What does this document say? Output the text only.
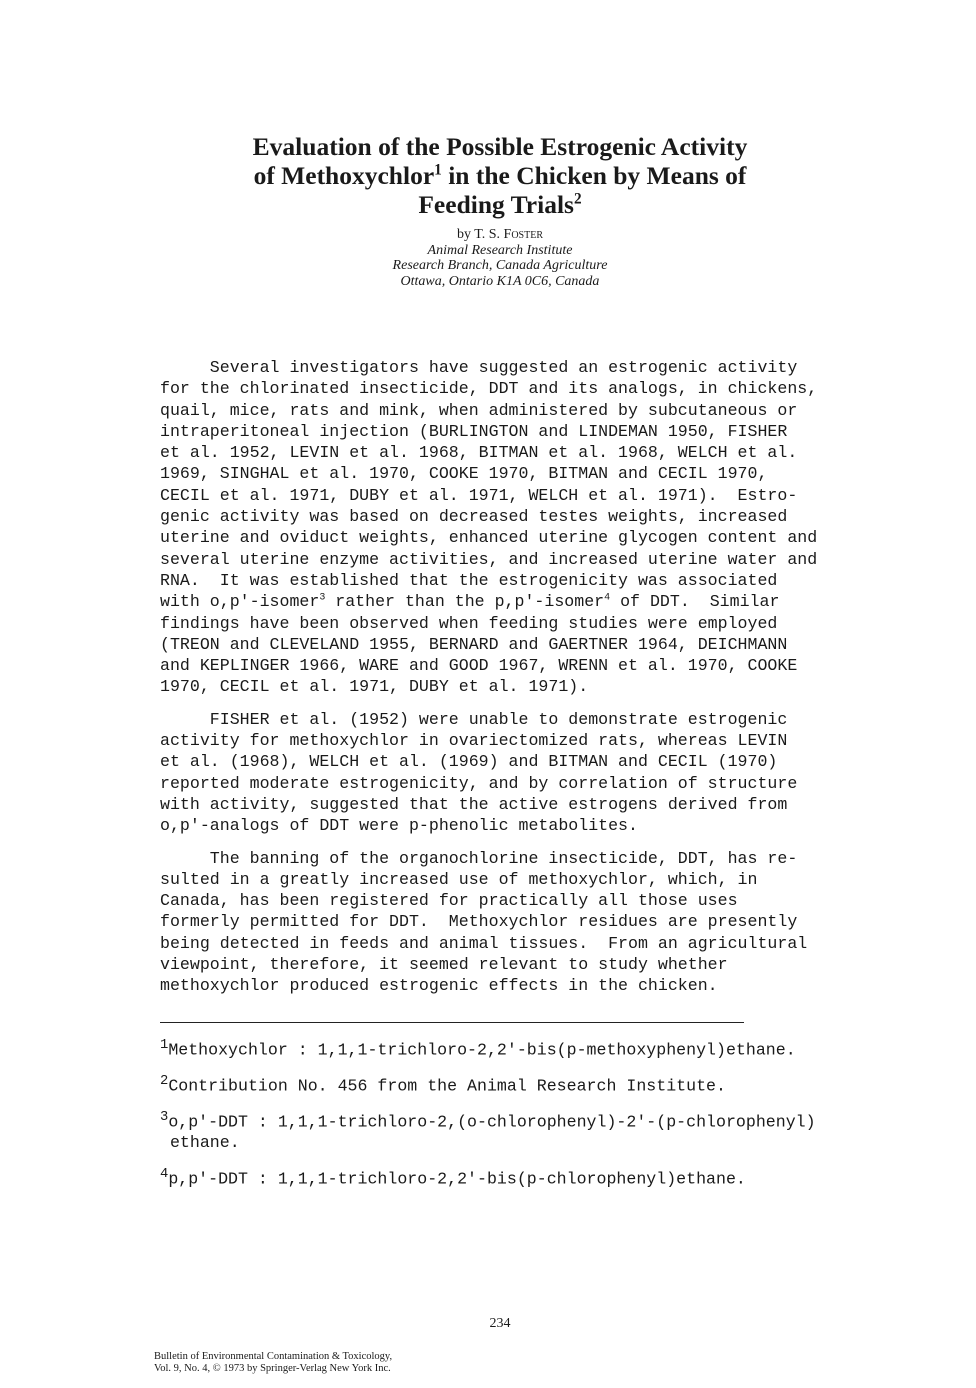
Evaluation of the Possible Estrogenic Activity
of Methoxychlor$^1$ in the Chicken by Means of
Feeding Trials$^2$
by T. S. Foster
Animal Research Institute
Research Branch, Canada Agriculture
Ottawa, Ontario K1A 0C6, Canada
Several investigators have suggested an estrogenic activity
for the chlorinated insecticide, DDT and its analogs, in chickens,
quail, mice, rats and mink, when administered by subcutaneous or
intraperitoneal injection (BURLINGTON and LINDEMAN 1950, FISHER
et al. 1952, LEVIN et al. 1968, BITMAN et al. 1968, WELCH et al.
1969, SINGHAL et al. 1970, COOKE 1970, BITMAN and CECIL 1970,
CECIL et al. 1971, DUBY et al. 1971, WELCH et al. 1971).  Estro-
genic activity was based on decreased testes weights, increased
uterine and oviduct weights, enhanced uterine glycogen content and
several uterine enzyme activities, and increased uterine water and
RNA.  It was established that the estrogenicity was associated
with o,p'-isomer$^3$ rather than the p,p'-isomer$^4$ of DDT.  Similar
findings have been observed when feeding studies were employed
(TREON and CLEVELAND 1955, BERNARD and GAERTNER 1964, DEICHMANN
and KEPLINGER 1966, WARE and GOOD 1967, WRENN et al. 1970, COOKE
1970, CECIL et al. 1971, DUBY et al. 1971).
FISHER et al. (1952) were unable to demonstrate estrogenic
activity for methoxychlor in ovariectomized rats, whereas LEVIN
et al. (1968), WELCH et al. (1969) and BITMAN and CECIL (1970)
reported moderate estrogenicity, and by correlation of structure
with activity, suggested that the active estrogens derived from
o,p'-analogs of DDT were p-phenolic metabolites.
The banning of the organochlorine insecticide, DDT, has re-
sulted in a greatly increased use of methoxychlor, which, in
Canada, has been registered for practically all those uses
formerly permitted for DDT.  Methoxychlor residues are presently
being detected in feeds and animal tissues.  From an agricultural
viewpoint, therefore, it seemed relevant to study whether
methoxychlor produced estrogenic effects in the chicken.
$^1$Methoxychlor : 1,1,1-trichloro-2,2'-bis(p-methoxyphenyl)ethane.
$^2$Contribution No. 456 from the Animal Research Institute.
$^3$o,p'-DDT : 1,1,1-trichloro-2,(o-chlorophenyl)-2'-(p-chlorophenyl)
ethane.
$^4$p,p'-DDT : 1,1,1-trichloro-2,2'-bis(p-chlorophenyl)ethane.
234
Bulletin of Environmental Contamination & Toxicology,
Vol. 9, No. 4, © 1973 by Springer-Verlag New York Inc.
